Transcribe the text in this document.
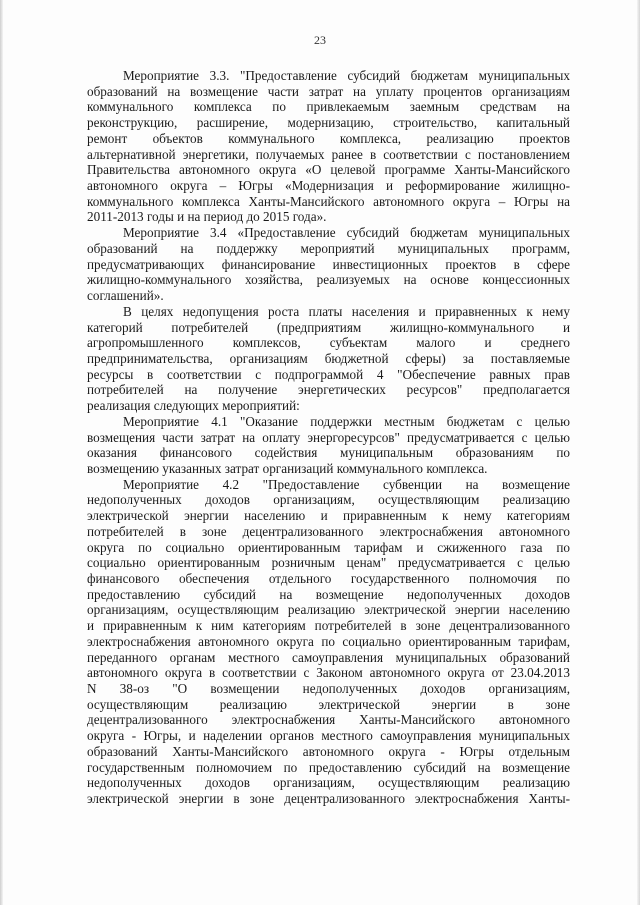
23
Мероприятие 3.3. "Предоставление субсидий бюджетам муниципальных
образований на возмещение части затрат на уплату процентов организациям
коммунального комплекса по привлекаемым заемным средствам на
реконструкцию, расширение, модернизацию, строительство, капитальный
ремонт объектов коммунального комплекса, реализацию проектов
альтернативной энергетики, получаемых ранее в соответствии с постановлением
Правительства автономного округа «О целевой программе Ханты-Мансийского
автономного округа – Югры «Модернизация и реформирование жилищно-
коммунального комплекса Ханты-Мансийского автономного округа – Югры на
2011-2013 годы и на период до 2015 года».
Мероприятие 3.4 «Предоставление субсидий бюджетам муниципальных
образований на поддержку мероприятий муниципальных программ,
предусматривающих финансирование инвестиционных проектов в сфере
жилищно-коммунального хозяйства, реализуемых на основе концессионных
соглашений».
В целях недопущения роста платы населения и приравненных к нему
категорий потребителей (предприятиям жилищно-коммунального и
агропромышленного комплексов, субъектам малого и среднего
предпринимательства, организациям бюджетной сферы) за поставляемые
ресурсы в соответствии с подпрограммой 4 "Обеспечение равных прав
потребителей на получение энергетических ресурсов" предполагается
реализация следующих мероприятий:
Мероприятие 4.1 "Оказание поддержки местным бюджетам с целью
возмещения части затрат на оплату энергоресурсов" предусматривается с целью
оказания финансового содействия муниципальным образованиям по
возмещению указанных затрат организаций коммунального комплекса.
Мероприятие 4.2 "Предоставление субвенции на возмещение
недополученных доходов организациям, осуществляющим реализацию
электрической энергии населению и приравненным к нему категориям
потребителей в зоне децентрализованного электроснабжения автономного
округа по социально ориентированным тарифам и сжиженного газа по
социально ориентированным розничным ценам" предусматривается с целью
финансового обеспечения отдельного государственного полномочия по
предоставлению субсидий на возмещение недополученных доходов
организациям, осуществляющим реализацию электрической энергии населению
и приравненным к ним категориям потребителей в зоне децентрализованного
электроснабжения автономного округа по социально ориентированным тарифам,
переданного органам местного самоуправления муниципальных образований
автономного округа в соответствии с Законом автономного округа от 23.04.2013
N 38-оз "О возмещении недополученных доходов организациям,
осуществляющим реализацию электрической энергии в зоне
децентрализованного электроснабжения Ханты-Мансийского автономного
округа - Югры, и наделении органов местного самоуправления муниципальных
образований Ханты-Мансийского автономного округа - Югры отдельным
государственным полномочием по предоставлению субсидий на возмещение
недополученных доходов организациям, осуществляющим реализацию
электрической энергии в зоне децентрализованного электроснабжения Ханты-
